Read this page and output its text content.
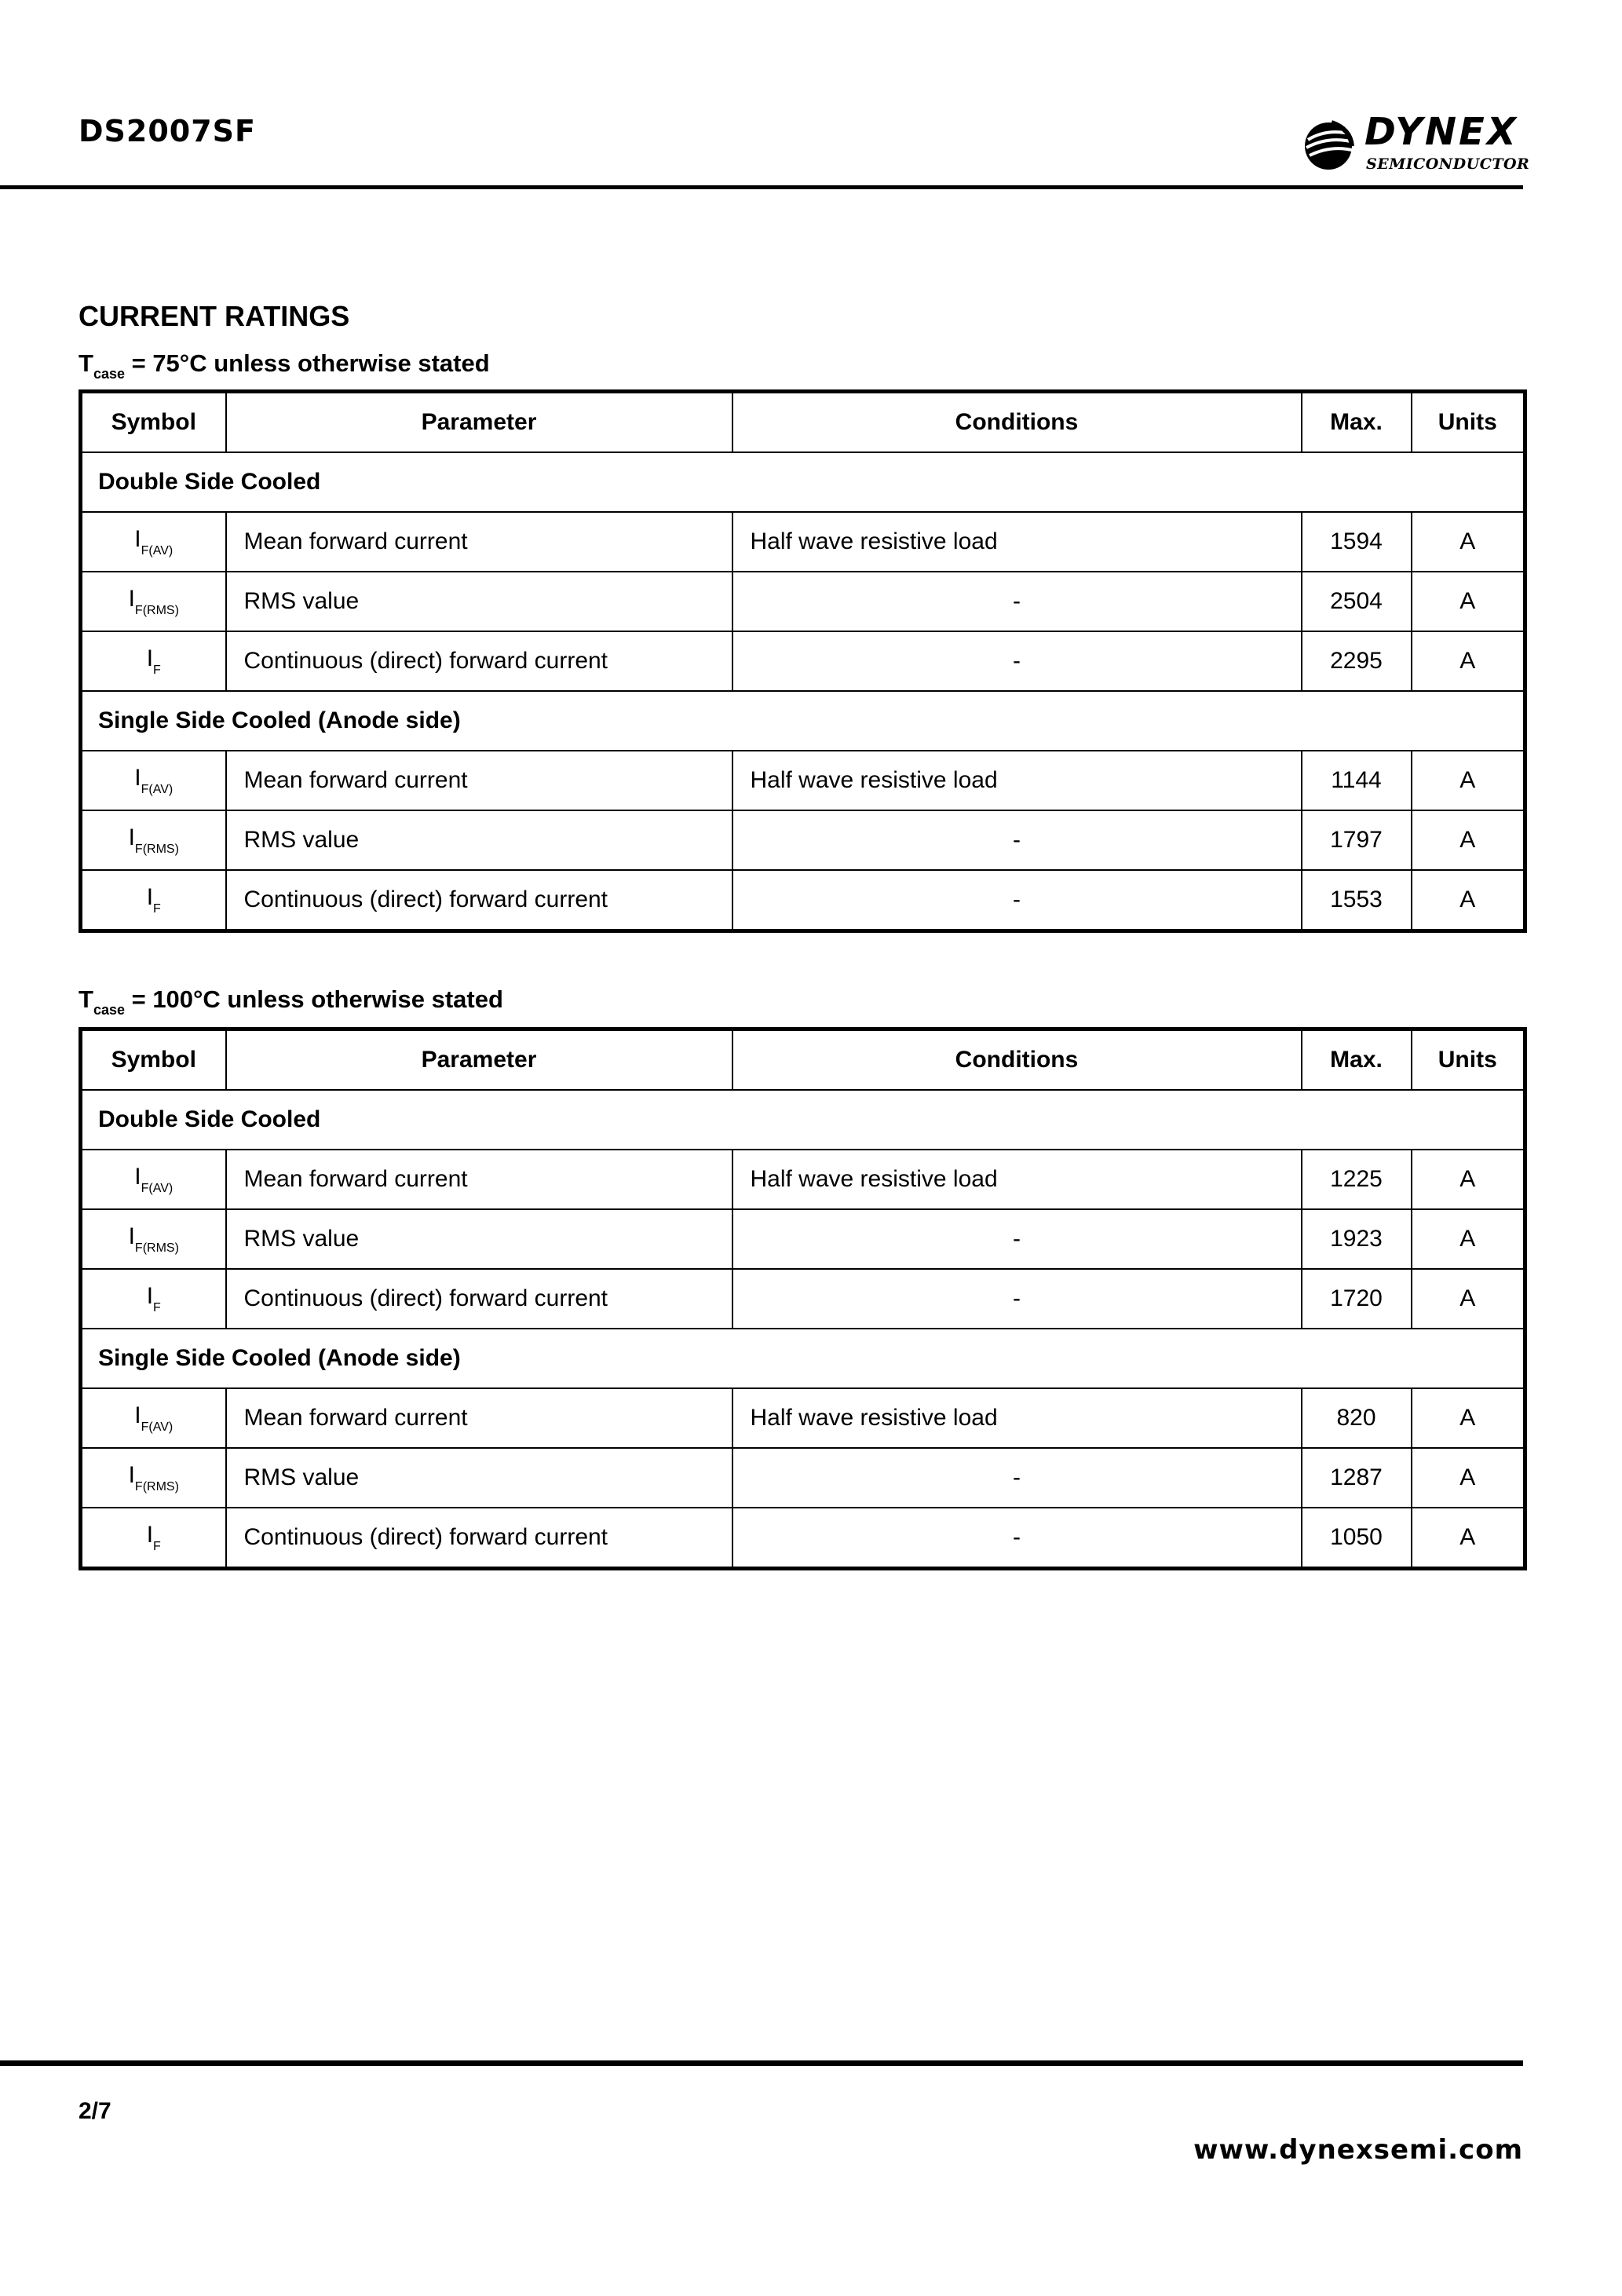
DS2007SF	DYNEX
SEMICONDUCTOR
CURRENT RATINGS
$T_{case} = 75^\circ C$ unless otherwise stated
Symbol	Parameter	Conditions	Max.	Units
Double Side Cooled				
$I_{F(AV)}$	Mean forward current	Half wave resistive load	1594	A
$I_{F(RMS)}$	RMS value	-	2504	A
$I_F$	Continuous (direct) forward current	-	2295	A
Single Side Cooled (Anode side)				
$I_{F(AV)}$	Mean forward current	Half wave resistive load	1144	A
$I_{F(RMS)}$	RMS value	-	1797	A
$I_F$	Continuous (direct) forward current	-	1553	A
$T_{case} = 100^\circ C$ unless otherwise stated
Symbol	Parameter	Conditions	Max.	Units
Double Side Cooled				
$I_{F(AV)}$	Mean forward current	Half wave resistive load	1225	A
$I_{F(RMS)}$	RMS value	-	1923	A
$I_F$	Continuous (direct) forward current	-	1720	A
Single Side Cooled (Anode side)				
$I_{F(AV)}$	Mean forward current	Half wave resistive load	820	A
$I_{F(RMS)}$	RMS value	-	1287	A
$I_F$	Continuous (direct) forward current	-	1050	A
2/7
www.dynexsemi.com
